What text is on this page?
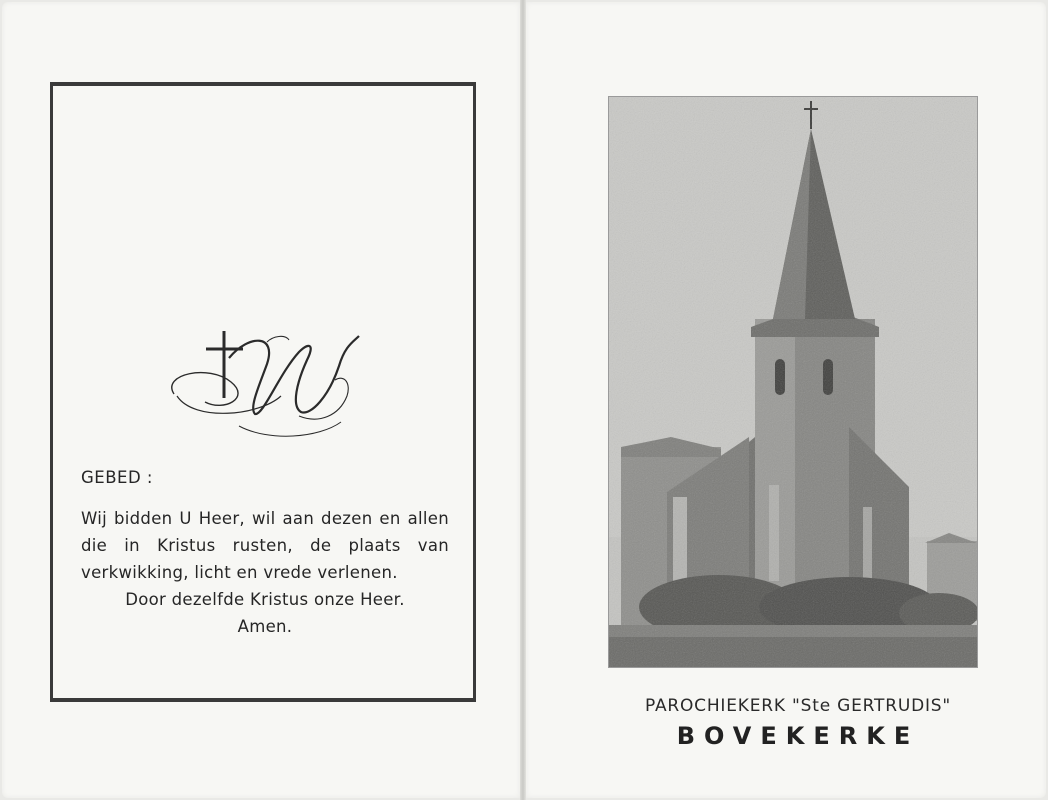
GEBED :

Wij bidden U Heer, wil aan dezen en allen die in Kristus rusten, de plaats van verkwikking, licht en vrede verlenen.

Door dezelfde Kristus onze Heer.

Amen.

PAROCHIEKERK "Ste GERTRUDIS"
BOVEKERKE
